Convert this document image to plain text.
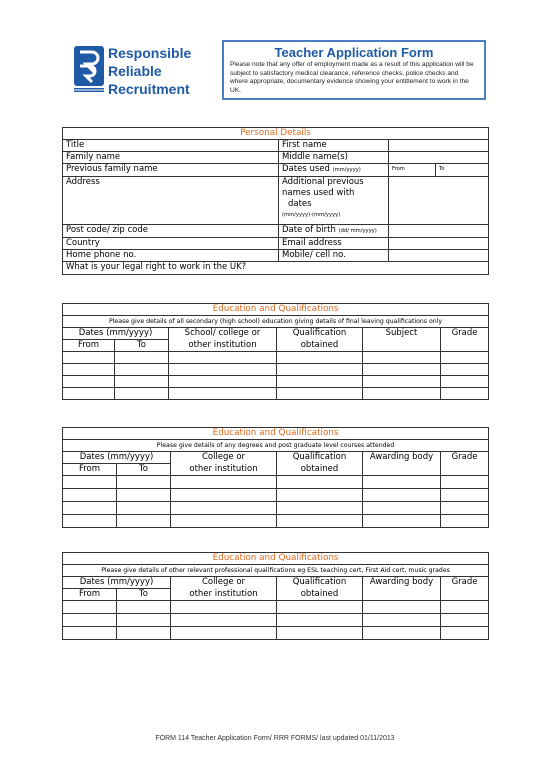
Responsible
Reliable
Recruitment
Teacher Application Form

Please note that any offer of employment made as a result of this application will be subject to satisfactory medical clearance, reference checks, police checks and where appropriate, documentary evidence showing your entitlement to work in the UK.

Personal Details			
Title	First name		
Family name	Middle name(s)		
Previous family name	Dates used (mm/yyyy)	From	To
Address	Additional previous
names used with
dates
(mm/yyyy)-(mm/yyyy)		

Post code/ zip code	Date of birth (dd/ mm/yyyy)		
Country	Email address		
Home phone no.	Mobile/ cell no.		
What is your legal right to work in the UK?			
Education and Qualifications					
Please give details of all secondary (high school) education giving details of final leaving qualifications only					
Dates (mm/yyyy)		School/ college or	Qualification	Subject	Grade
From	To	other institution	obtained		

Education and Qualifications					
Please give details of any degrees and post graduate level courses attended					
Dates (mm/yyyy)		College or	Qualification	Awarding body	Grade
From	To	other institution	obtained		

Education and Qualifications					
Please give details of other relevant professional qualifications eg ESL teaching cert, First Aid cert, music grades					
Dates (mm/yyyy)		College or	Qualification	Awarding body	Grade
From	To	other institution	obtained		

FORM 114 Teacher Application Form/ RRR FORMS/ last updated 01/11/2013
